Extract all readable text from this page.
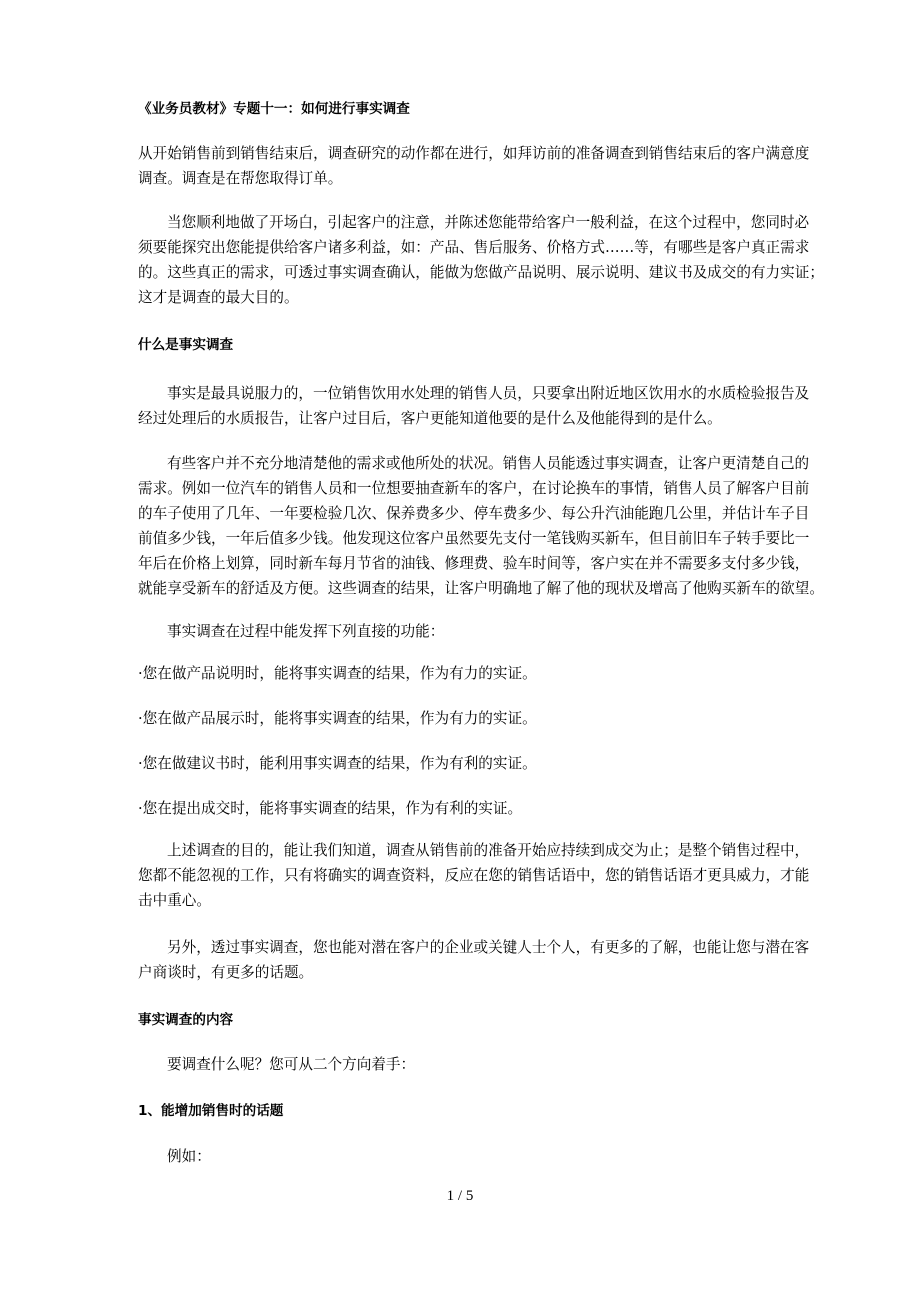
《业务员教材》专题十一：如何进行事实调查
从开始销售前到销售结束后，调查研究的动作都在进行，如拜访前的准备调查到销售结束后的客户满意度
调查。调查是在帮您取得订单。
当您顺利地做了开场白，引起客户的注意，并陈述您能带给客户一般利益，在这个过程中，您同时必
须要能探究出您能提供给客户诸多利益，如：产品、售后服务、价格方式……等，有哪些是客户真正需求
的。这些真正的需求，可透过事实调查确认，能做为您做产品说明、展示说明、建议书及成交的有力实证；
这才是调查的最大目的。
什么是事实调查
事实是最具说服力的，一位销售饮用水处理的销售人员，只要拿出附近地区饮用水的水质检验报告及
经过处理后的水质报告，让客户过目后，客户更能知道他要的是什么及他能得到的是什么。
有些客户并不充分地清楚他的需求或他所处的状况。销售人员能透过事实调查，让客户更清楚自己的
需求。例如一位汽车的销售人员和一位想要抽查新车的客户，在讨论换车的事情，销售人员了解客户目前
的车子使用了几年、一年要检验几次、保养费多少、停车费多少、每公升汽油能跑几公里，并估计车子目
前值多少钱，一年后值多少钱。他发现这位客户虽然要先支付一笔钱购买新车，但目前旧车子转手要比一
年后在价格上划算，同时新车每月节省的油钱、修理费、验车时间等，客户实在并不需要多支付多少钱，
就能享受新车的舒适及方便。这些调查的结果，让客户明确地了解了他的现状及增高了他购买新车的欲望。
事实调查在过程中能发挥下列直接的功能：
·您在做产品说明时，能将事实调查的结果，作为有力的实证。
·您在做产品展示时，能将事实调查的结果，作为有力的实证。
·您在做建议书时，能利用事实调查的结果，作为有利的实证。
·您在提出成交时，能将事实调查的结果，作为有利的实证。
上述调查的目的，能让我们知道，调查从销售前的准备开始应持续到成交为止；是整个销售过程中，
您都不能忽视的工作，只有将确实的调查资料，反应在您的销售话语中，您的销售话语才更具威力，才能
击中重心。
另外，透过事实调查，您也能对潜在客户的企业或关键人士个人，有更多的了解，也能让您与潜在客
户商谈时，有更多的话题。
事实调查的内容
要调查什么呢？您可从二个方向着手：
1、能增加销售时的话题
例如：
1 / 5
